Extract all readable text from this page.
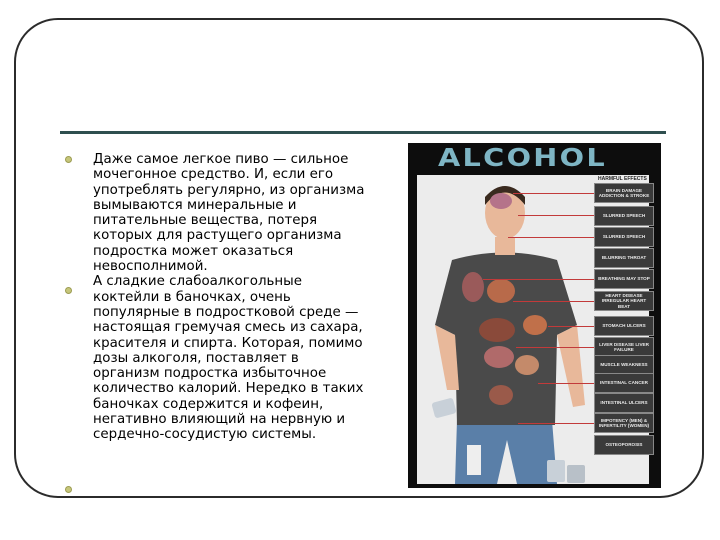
Даже самое легкое пиво — сильное мочегонное средство. И, если его употреблять регулярно, из организма вымываются минеральные и питательные вещества, потеря которых для растущего организма подростка может оказаться невосполнимой.

А сладкие слабоалкогольные коктейли в баночках, очень популярные в подростковой среде — настоящая гремучая смесь из сахара, красителя и спирта. Которая, помимо дозы алкоголя, поставляет в организм подростка избыточное количество калорий. Нередко в таких баночках содержится и кофеин, негативно влияющий на нервную и сердечно-сосудистую системы.

ALCOHOL
HARMFUL EFFECTS
BRAIN DAMAGE ADDICTION & STROKE
SLURRED SPEECH
SLURRED SPEECH
BLURRING THROAT
BREATHING MAY STOP
HEART DISEASE IRREGULAR HEART BEAT
STOMACH ULCERS
LIVER DISEASE LIVER FAILURE
MUSCLE WEAKNESS
INTESTINAL CANCER
INTESTINAL ULCERS
IMPOTENCY (MEN) & INFERTILITY (WOMEN)
OSTEOPOROSIS
